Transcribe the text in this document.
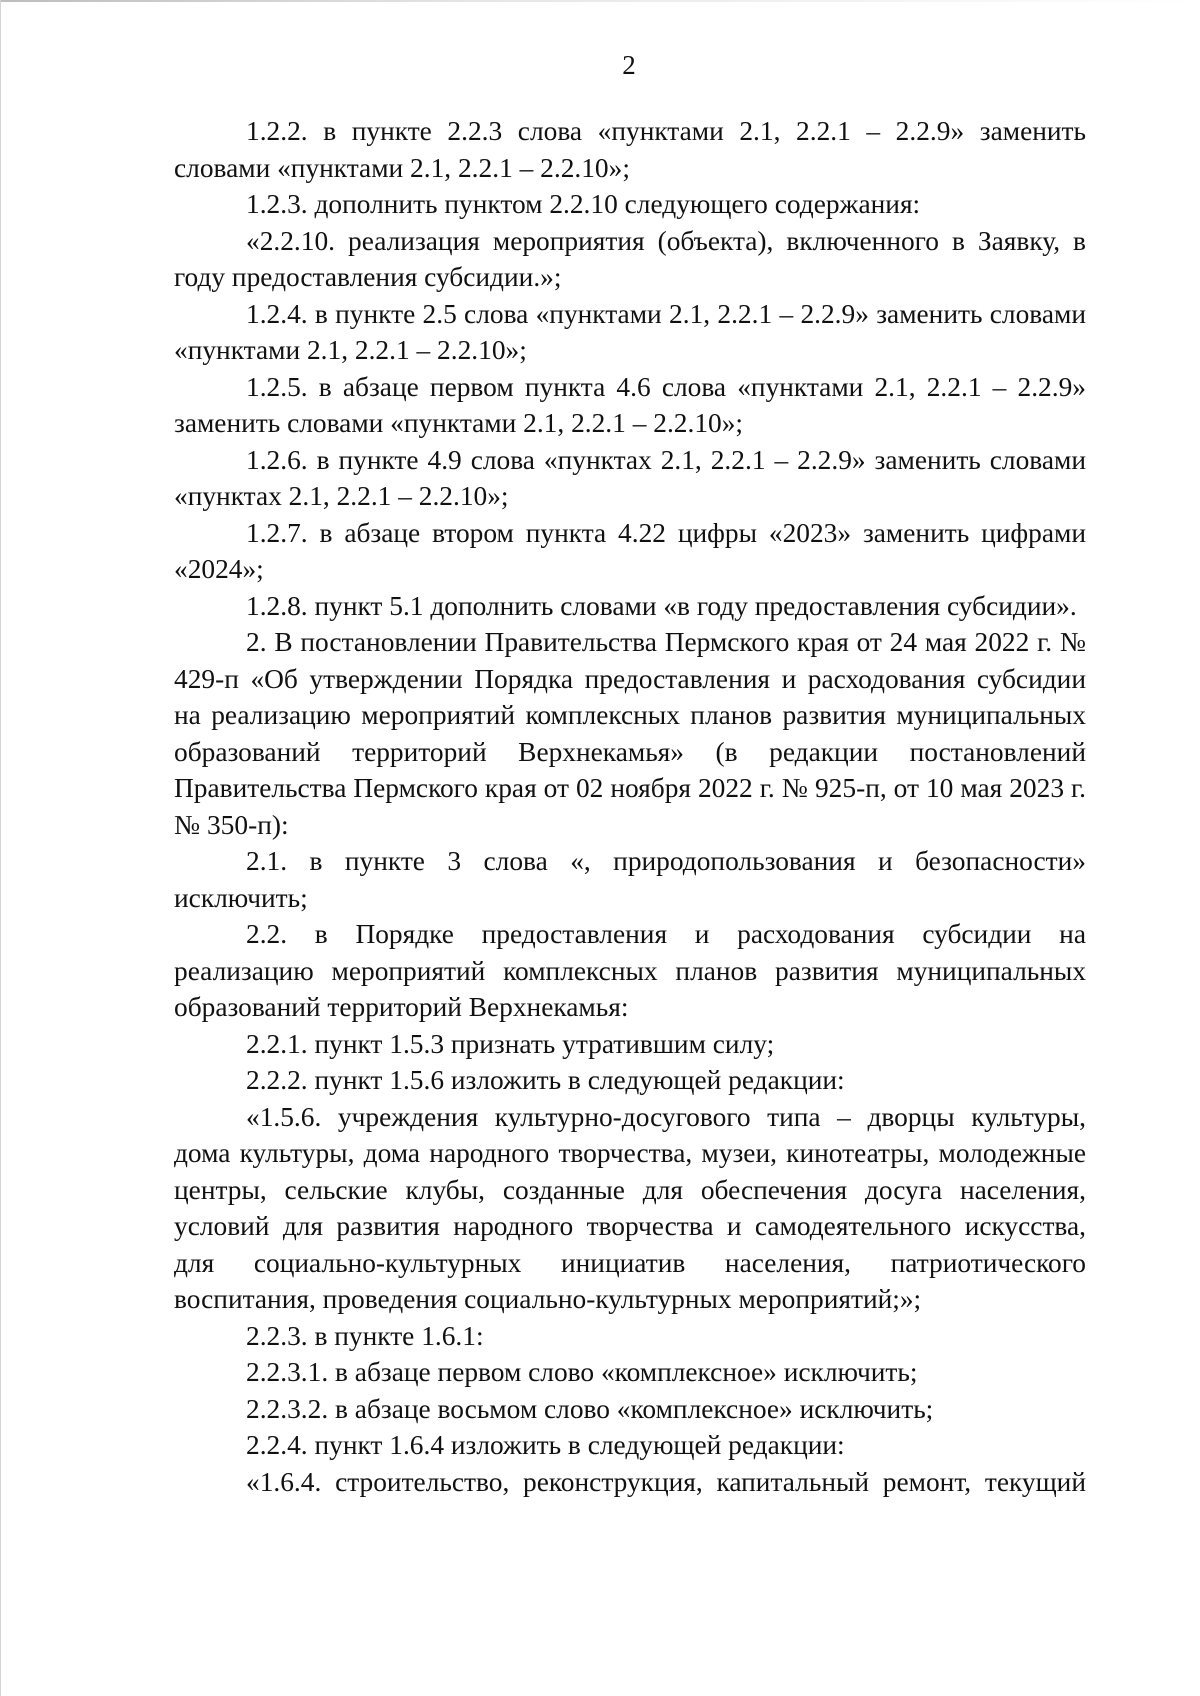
2

1.2.2. в пункте 2.2.3 слова «пунктами 2.1, 2.2.1 – 2.2.9» заменить словами «пунктами 2.1, 2.2.1 – 2.2.10»;

1.2.3. дополнить пунктом 2.2.10 следующего содержания:

«2.2.10. реализация мероприятия (объекта), включенного в Заявку, в году предоставления субсидии.»;

1.2.4. в пункте 2.5 слова «пунктами 2.1, 2.2.1 – 2.2.9» заменить словами «пунктами 2.1, 2.2.1 – 2.2.10»;

1.2.5. в абзаце первом пункта 4.6 слова «пунктами 2.1, 2.2.1 – 2.2.9» заменить словами «пунктами 2.1, 2.2.1 – 2.2.10»;

1.2.6. в пункте 4.9 слова «пунктах 2.1, 2.2.1 – 2.2.9» заменить словами «пунктах 2.1, 2.2.1 – 2.2.10»;

1.2.7. в абзаце втором пункта 4.22 цифры «2023» заменить цифрами «2024»;

1.2.8. пункт 5.1 дополнить словами «в году предоставления субсидии».

2. В постановлении Правительства Пермского края от 24 мая 2022 г. № 429-п «Об утверждении Порядка предоставления и расходования субсидии на реализацию мероприятий комплексных планов развития муниципальных образований территорий Верхнекамья» (в редакции постановлений Правительства Пермского края от 02 ноября 2022 г. № 925-п, от 10 мая 2023 г. № 350-п):

2.1. в пункте 3 слова «, природопользования и безопасности» исключить;

2.2. в Порядке предоставления и расходования субсидии на реализацию мероприятий комплексных планов развития муниципальных образований территорий Верхнекамья:

2.2.1. пункт 1.5.3 признать утратившим силу;

2.2.2. пункт 1.5.6 изложить в следующей редакции:

«1.5.6. учреждения культурно-досугового типа – дворцы культуры, дома культуры, дома народного творчества, музеи, кинотеатры, молодежные центры, сельские клубы, созданные для обеспечения досуга населения, условий для развития народного творчества и самодеятельного искусства, для социально-культурных инициатив населения, патриотического воспитания, проведения социально-культурных мероприятий;»;

2.2.3. в пункте 1.6.1:

2.2.3.1. в абзаце первом слово «комплексное» исключить;

2.2.3.2. в абзаце восьмом слово «комплексное» исключить;

2.2.4. пункт 1.6.4 изложить в следующей редакции:

«1.6.4. строительство, реконструкция, капитальный ремонт, текущий
